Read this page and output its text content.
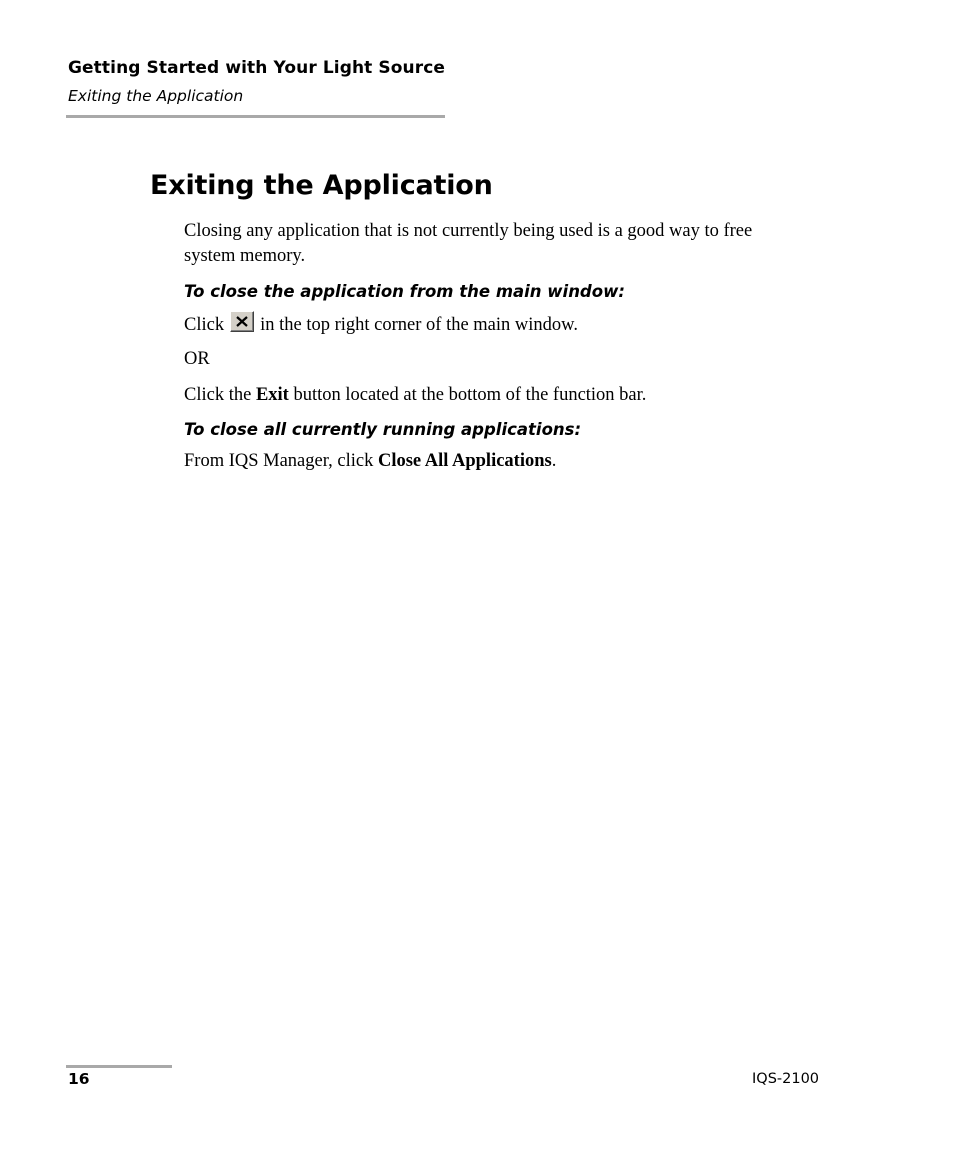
Getting Started with Your Light Source
Exiting the Application
Exiting the Application

Closing any application that is not currently being used is a good way to free system memory.

To close the application from the main window:
Click in the top right corner of the main window.
OR
Click the Exit button located at the bottom of the function bar.
To close all currently running applications:
From IQS Manager, click Close All Applications.
16	IQS-2100
